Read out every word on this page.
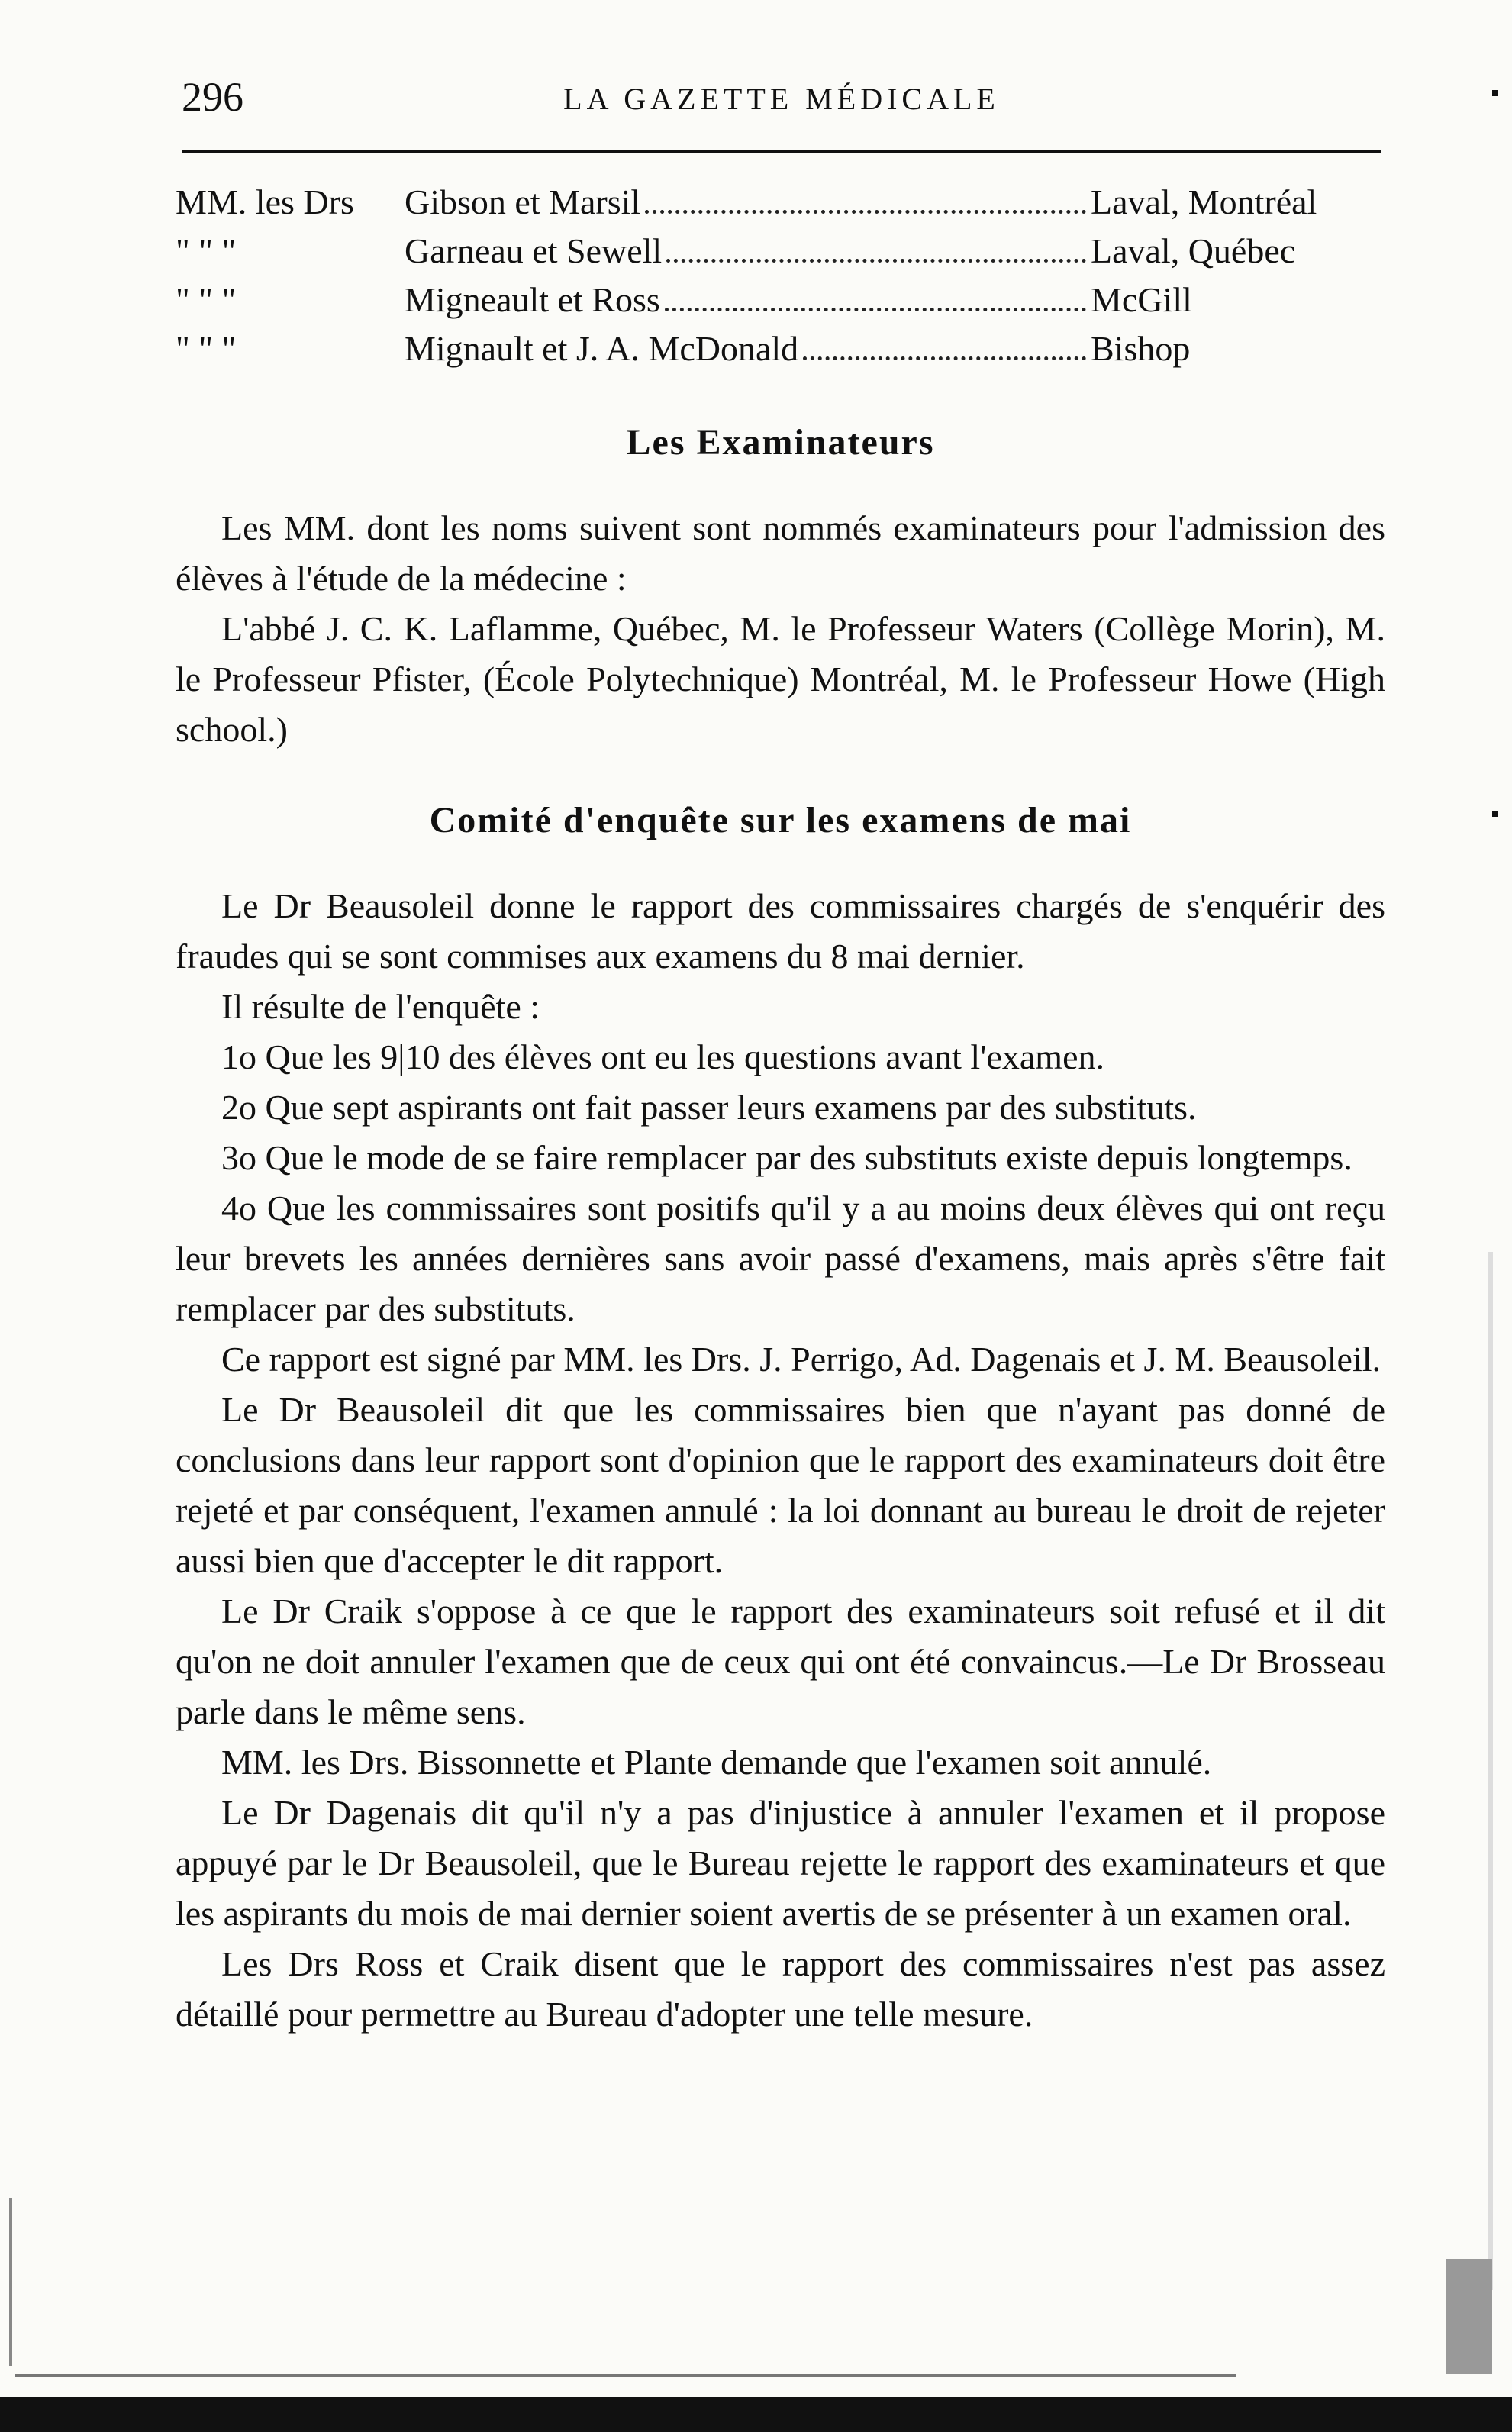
296	LA GAZETTE MÉDICALE
MM. les Drs	Gibson et Marsil	Laval, Montréal
" " "	Garneau et Sewell	Laval, Québec
" " "	Migneault et Ross	McGill
" " "	Mignault et J. A. McDonald	Bishop
Les Examinateurs

Les MM. dont les noms suivent sont nommés examinateurs pour l'admission des élèves à l'étude de la médecine :

L'abbé J. C. K. Laflamme, Québec, M. le Professeur Waters (Collège Morin), M. le Professeur Pfister, (École Polytechnique) Montréal, M. le Professeur Howe (High school.)

Comité d'enquête sur les examens de mai

Le Dr Beausoleil donne le rapport des commissaires chargés de s'enquérir des fraudes qui se sont commises aux examens du 8 mai dernier.

Il résulte de l'enquête :

1o Que les 9|10 des élèves ont eu les questions avant l'examen.

2o Que sept aspirants ont fait passer leurs examens par des substituts.

3o Que le mode de se faire remplacer par des substituts existe depuis longtemps.

4o Que les commissaires sont positifs qu'il y a au moins deux élèves qui ont reçu leur brevets les années dernières sans avoir passé d'examens, mais après s'être fait remplacer par des substituts.

Ce rapport est signé par MM. les Drs. J. Perrigo, Ad. Dagenais et J. M. Beausoleil.

Le Dr Beausoleil dit que les commissaires bien que n'ayant pas donné de conclusions dans leur rapport sont d'opinion que le rapport des examinateurs doit être rejeté et par conséquent, l'examen annulé : la loi donnant au bureau le droit de rejeter aussi bien que d'accepter le dit rapport.

Le Dr Craik s'oppose à ce que le rapport des examinateurs soit refusé et il dit qu'on ne doit annuler l'examen que de ceux qui ont été convaincus.—Le Dr Brosseau parle dans le même sens.

MM. les Drs. Bissonnette et Plante demande que l'examen soit annulé.

Le Dr Dagenais dit qu'il n'y a pas d'injustice à annuler l'examen et il propose appuyé par le Dr Beausoleil, que le Bureau rejette le rapport des examinateurs et que les aspirants du mois de mai dernier soient avertis de se présenter à un examen oral.

Les Drs Ross et Craik disent que le rapport des commissaires n'est pas assez détaillé pour permettre au Bureau d'adopter une telle mesure.
